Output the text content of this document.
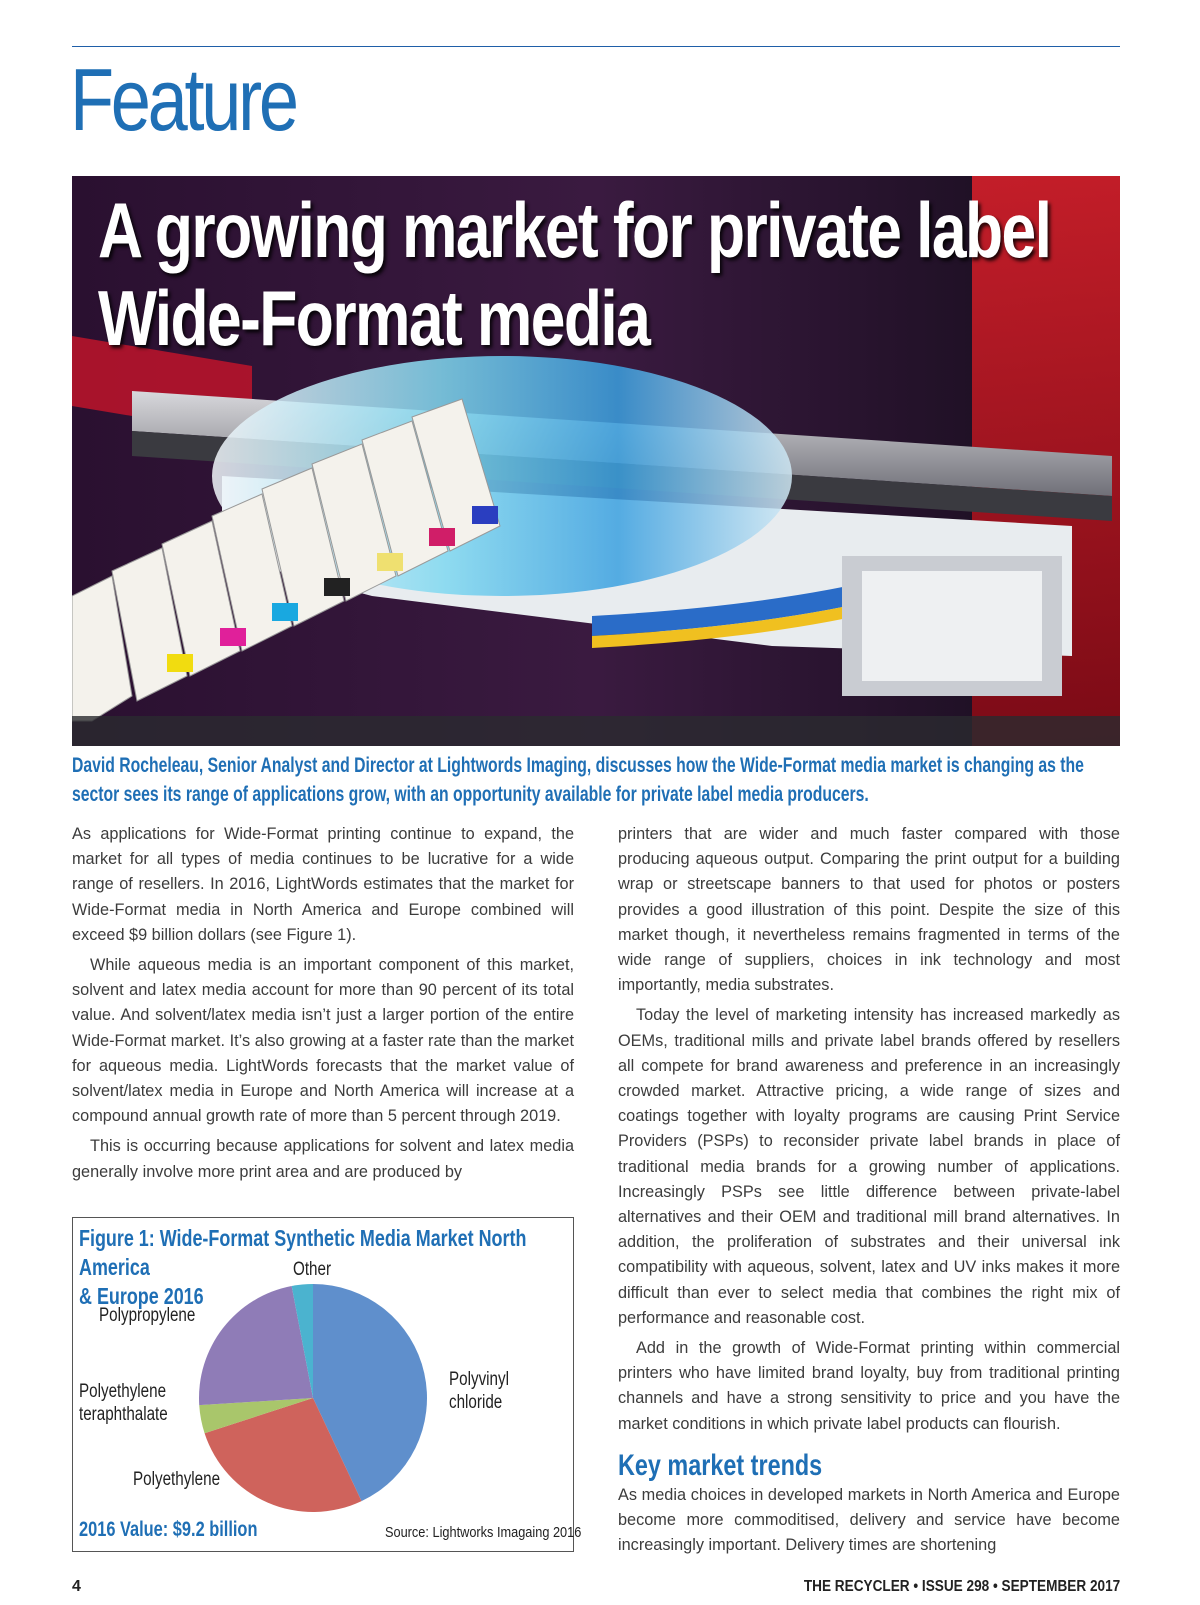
Feature
A growing market for private label
Wide-Format media

David Rocheleau, Senior Analyst and Director at Lightwords Imaging, discusses how the Wide-Format media market is changing as the sector sees its range of applications grow, with an opportunity available for private label media producers.

As applications for Wide-Format printing continue to expand, the market for all types of media continues to be lucrative for a wide range of resellers. In 2016, LightWords estimates that the market for Wide-Format media in North America and Europe combined will exceed $9 billion dollars (see Figure 1).

While aqueous media is an important component of this market, solvent and latex media account for more than 90 percent of its total value. And solvent/latex media isn’t just a larger portion of the entire Wide-Format market. It’s also growing at a faster rate than the market for aqueous media. LightWords forecasts that the market value of solvent/latex media in Europe and North America will increase at a compound annual growth rate of more than 5 percent through 2019.

This is occurring because applications for solvent and latex media generally involve more print area and are produced by

Figure 1: Wide-Format Synthetic Media Market North America
& Europe 2016
Other
Polypropylene
Polyethylene teraphthalate
Polyvinyl chloride
Polyethylene
2016 Value: $9.2 billion	Source: Lightworks Imagaing 2016

printers that are wider and much faster compared with those producing aqueous output. Comparing the print output for a building wrap or streetscape banners to that used for photos or posters provides a good illustration of this point. Despite the size of this market though, it nevertheless remains fragmented in terms of the wide range of suppliers, choices in ink technology and most importantly, media substrates.

Today the level of marketing intensity has increased markedly as OEMs, traditional mills and private label brands offered by resellers all compete for brand awareness and preference in an increasingly crowded market. Attractive pricing, a wide range of sizes and coatings together with loyalty programs are causing Print Service Providers (PSPs) to reconsider private label brands in place of traditional media brands for a growing number of applications. Increasingly PSPs see little difference between private-label alternatives and their OEM and traditional mill brand alternatives. In addition, the proliferation of substrates and their universal ink compatibility with aqueous, solvent, latex and UV inks makes it more difficult than ever to select media that combines the right mix of performance and reasonable cost.

Add in the growth of Wide-Format printing within commercial printers who have limited brand loyalty, buy from traditional printing channels and have a strong sensitivity to price and you have the market conditions in which private label products can flourish.

Key market trends

As media choices in developed markets in North America and Europe become more commoditised, delivery and service have become increasingly important. Delivery times are shortening

4	THE RECYCLER • ISSUE 298 • SEPTEMBER 2017
